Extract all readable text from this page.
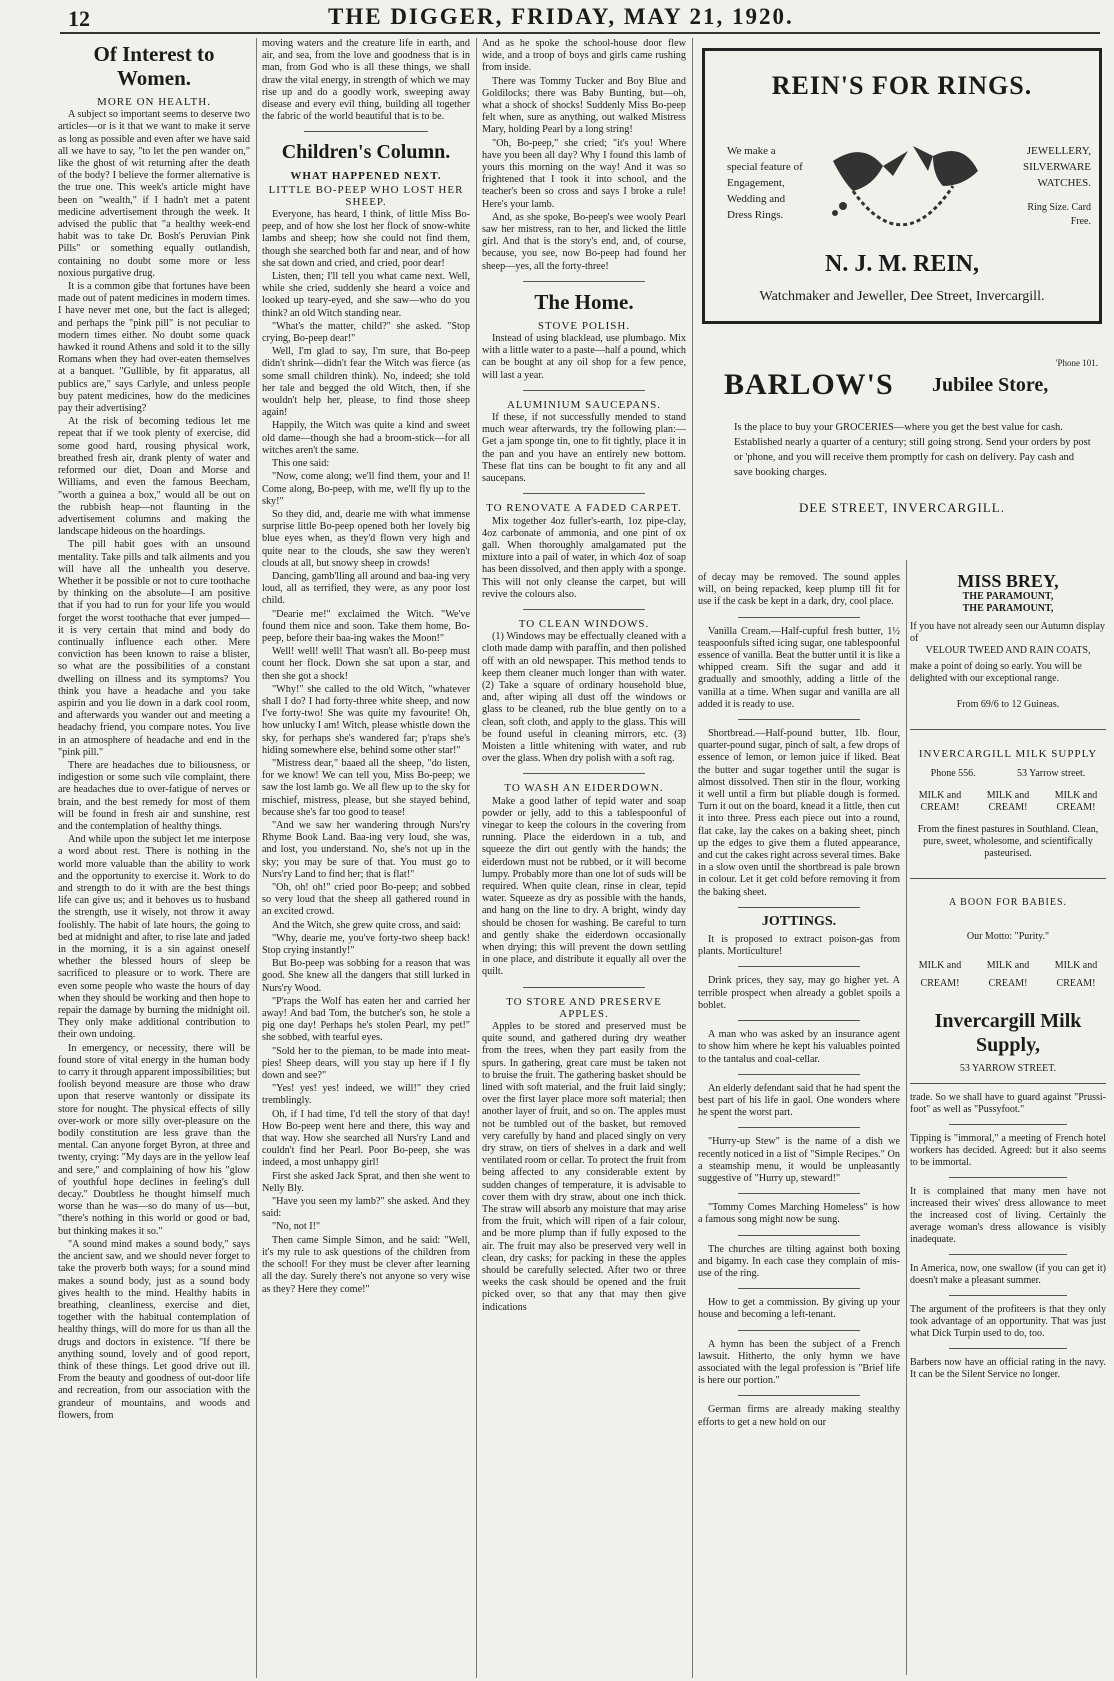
12	THE DIGGER, FRIDAY, MAY 21, 1920.
Of Interest to Women.

MORE ON HEALTH.

A subject so important seems to deserve two articles—or is it that we want to make it serve as long as possible and even after we have said all we have to say, "to let the pen wander on," like the ghost of wit returning after the death of the body? I believe the former alternative is the true one. This week's article might have been on "wealth," if I hadn't met a patent medicine advertisement through the week. It advised the public that "a healthy week-end habit was to take Dr. Bosh's Peruvian Pink Pills" or something equally outlandish, containing no doubt some more or less noxious purgative drug.

It is a common gibe that fortunes have been made out of patent medicines in modern times. I have never met one, but the fact is alleged; and perhaps the "pink pill" is not peculiar to modern times either. No doubt some quack hawked it round Athens and sold it to the silly Romans when they had over-eaten themselves at a banquet. "Gullible, by fit apparatus, all publics are," says Carlyle, and unless people buy patent medicines, how do the medicines pay their advertising?

At the risk of becoming tedious let me repeat that if we took plenty of exercise, did some good hard, rousing physical work, breathed fresh air, drank plenty of water and reformed our diet, Doan and Morse and Williams, and even the famous Beecham, "worth a guinea a box," would all be out on the rubbish heap—not flaunting in the advertisement columns and making the landscape hideous on the hoardings.

The pill habit goes with an unsound mentality. Take pills and talk ailments and you will have all the unhealth you deserve. Whether it be possible or not to cure toothache by thinking on the absolute—I am positive that if you had to run for your life you would forget the worst toothache that ever jumped—it is very certain that mind and body do continually influence each other. Mere conviction has been known to raise a blister, so what are the possibilities of a constant dwelling on illness and its symptoms? You think you have a headache and you take aspirin and you lie down in a dark cool room, and afterwards you wander out and meeting a headachy friend, you compare notes. You live in an atmosphere of headache and end in the "pink pill."

There are headaches due to biliousness, or indigestion or some such vile complaint, there are headaches due to over-fatigue of nerves or brain, and the best remedy for most of them will be found in fresh air and sunshine, rest and the contemplation of healthy things.

And while upon the subject let me interpose a word about rest. There is nothing in the world more valuable than the ability to work and the opportunity to exercise it. Work to do and strength to do it with are the best things life can give us; and it behoves us to husband the strength, use it wisely, not throw it away foolishly. The habit of late hours, the going to bed at midnight and after, to rise late and jaded in the morning, it is a sin against oneself whether the blessed hours of sleep be sacrificed to pleasure or to work. There are even some people who waste the hours of day when they should be working and then hope to repair the damage by burning the midnight oil. They only make additional contribution to their own undoing.

In emergency, or necessity, there will be found store of vital energy in the human body to carry it through apparent impossibilities; but foolish beyond measure are those who draw upon that reserve wantonly or dissipate its store for nought. The physical effects of silly over-work or more silly over-pleasure on the bodily constitution are less grave than the mental. Can anyone forget Byron, at three and twenty, crying: "My days are in the yellow leaf and sere," and complaining of how his "glow of youthful hope declines in feeling's dull decay." Doubtless he thought himself much worse than he was—so do many of us—but, "there's nothing in this world or good or bad, but thinking makes it so."

"A sound mind makes a sound body," says the ancient saw, and we should never forget to take the proverb both ways; for a sound mind makes a sound body, just as a sound body gives health to the mind. Healthy habits in breathing, cleanliness, exercise and diet, together with the habitual contemplation of healthy things, will do more for us than all the drugs and doctors in existence. "If there be anything sound, lovely and of good report, think of these things. Let good drive out ill. From the beauty and goodness of out-door life and recreation, from our association with the grandeur of mountains, and woods and flowers, from

moving waters and the creature life in earth, and air, and sea, from the love and goodness that is in man, from God who is all these things, we shall draw the vital energy, in strength of which we may rise up and do a goodly work, sweeping away disease and every evil thing, building all together the fabric of the world beautiful that is to be.

Children's Column.

WHAT HAPPENED NEXT.

LITTLE BO-PEEP WHO LOST HER SHEEP.

Everyone, has heard, I think, of little Miss Bo-peep, and of how she lost her flock of snow-white lambs and sheep; how she could not find them, though she searched both far and near, and of how she sat down and cried, and cried, poor dear!

Listen, then; I'll tell you what came next. Well, while she cried, suddenly she heard a voice and looked up teary-eyed, and she saw—who do you think? an old Witch standing near.

"What's the matter, child?" she asked. "Stop crying, Bo-peep dear!"

Well, I'm glad to say, I'm sure, that Bo-peep didn't shrink—didn't fear the Witch was fierce (as some small children think). No, indeed; she told her tale and begged the old Witch, then, if she wouldn't help her, please, to find those sheep again!

Happily, the Witch was quite a kind and sweet old dame—though she had a broom-stick—for all witches aren't the same.

This one said:

"Now, come along; we'll find them, your and I! Come along, Bo-peep, with me, we'll fly up to the sky!"

So they did, and, dearie me with what immense surprise little Bo-peep opened both her lovely big blue eyes when, as they'd flown very high and quite near to the clouds, she saw they weren't clouds at all, but snowy sheep in crowds!

Dancing, gamb'lling all around and baa-ing very loud, all as terrified, they were, as any poor lost child.

"Dearie me!" exclaimed the Witch. "We've found them nice and soon. Take them home, Bo-peep, before their baa-ing wakes the Moon!"

Well! well! well! That wasn't all. Bo-peep must count her flock. Down she sat upon a star, and then she got a shock!

"Why!" she called to the old Witch, "whatever shall I do? I had forty-three white sheep, and now I've forty-two! She was quite my favourite! Oh, how unlucky I am! Witch, please whistle down the sky, for perhaps she's wandered far; p'raps she's hiding somewhere else, behind some other star!"

"Mistress dear," baaed all the sheep, "do listen, for we know! We can tell you, Miss Bo-peep; we saw the lost lamb go. We all flew up to the sky for mischief, mistress, please, but she stayed behind, because she's far too good to tease!

"And we saw her wandering through Nurs'ry Rhyme Book Land. Baa-ing very loud, she was, and lost, you understand. No, she's not up in the sky; you may be sure of that. You must go to Nurs'ry Land to find her; that is flat!"

"Oh, oh! oh!" cried poor Bo-peep; and sobbed so very loud that the sheep all gathered round in an excited crowd.

And the Witch, she grew quite cross, and said:

"Why, dearie me, you've forty-two sheep back! Stop crying instantly!"

But Bo-peep was sobbing for a reason that was good. She knew all the dangers that still lurked in Nurs'ry Wood.

"P'raps the Wolf has eaten her and carried her away! And bad Tom, the butcher's son, he stole a pig one day! Perhaps he's stolen Pearl, my pet!" she sobbed, with tearful eyes.

"Sold her to the pieman, to be made into meat-pies! Sheep dears, will you stay up here if I fly down and see?"

"Yes! yes! yes! indeed, we will!" they cried tremblingly.

Oh, if I had time, I'd tell the story of that day! How Bo-peep went here and there, this way and that way. How she searched all Nurs'ry Land and couldn't find her Pearl. Poor Bo-peep, she was indeed, a most unhappy girl!

First she asked Jack Sprat, and then she went to Nelly Bly.

"Have you seen my lamb?" she asked. And they said:

"No, not I!"

Then came Simple Simon, and he said: "Well, it's my rule to ask questions of the children from the school! For they must be clever after learning all the day. Surely there's not anyone so very wise as they? Here they come!"

And as he spoke the school-house door flew wide, and a troop of boys and girls came rushing from inside.

There was Tommy Tucker and Boy Blue and Goldilocks; there was Baby Bunting, but—oh, what a shock of shocks! Suddenly Miss Bo-peep felt when, sure as anything, out walked Mistress Mary, holding Pearl by a long string!

"Oh, Bo-peep," she cried; "it's you! Where have you been all day? Why I found this lamb of yours this morning on the way! And it was so frightened that I took it into school, and the teacher's been so cross and says I broke a rule! Here's your lamb.

And, as she spoke, Bo-peep's wee wooly Pearl saw her mistress, ran to her, and licked the little girl. And that is the story's end, and, of course, because, you see, now Bo-peep had found her sheep—yes, all the forty-three!

The Home.

STOVE POLISH.

Instead of using blacklead, use plumbago. Mix with a little water to a paste—half a pound, which can be bought at any oil shop for a few pence, will last a year.

ALUMINIUM SAUCEPANS.

If these, if not successfully mended to stand much wear afterwards, try the following plan:—Get a jam sponge tin, one to fit tightly, place it in the pan and you have an entirely new bottom. These flat tins can be bought to fit any and all saucepans.

TO RENOVATE A FADED CARPET.

Mix together 4oz fuller's-earth, 1oz pipe-clay, 4oz carbonate of ammonia, and one pint of ox gall. When thoroughly amalgamated put the mixture into a pail of water, in which 4oz of soap has been dissolved, and then apply with a sponge. This will not only cleanse the carpet, but will revive the colours also.

TO CLEAN WINDOWS.

(1) Windows may be effectually cleaned with a cloth made damp with paraffin, and then polished off with an old newspaper. This method tends to keep them cleaner much longer than with water. (2) Take a square of ordinary household blue, and, after wiping all dust off the windows or glass to be cleaned, rub the blue gently on to a clean, soft cloth, and apply to the glass. This will be found useful in cleaning mirrors, etc. (3) Moisten a little whitening with water, and rub over the glass. When dry polish with a soft rag.

TO WASH AN EIDERDOWN.

Make a good lather of tepid water and soap powder or jelly, add to this a tablespoonful of vinegar to keep the colours in the covering from running. Place the eiderdown in a tub, and squeeze the dirt out gently with the hands; the eiderdown must not be rubbed, or it will become lumpy. Probably more than one lot of suds will be required. When quite clean, rinse in clear, tepid water. Squeeze as dry as possible with the hands, and hang on the line to dry. A bright, windy day should be chosen for washing. Be careful to turn and gently shake the eiderdown occasionally when drying; this will prevent the down settling in one place, and distribute it equally all over the quilt.

TO STORE AND PRESERVE APPLES.

Apples to be stored and preserved must be quite sound, and gathered during dry weather from the trees, when they part easily from the spurs. In gathering, great care must be taken not to bruise the fruit. The gathering basket should be lined with soft material, and the fruit laid singly; over the first layer place more soft material; then another layer of fruit, and so on. The apples must not be tumbled out of the basket, but removed very carefully by hand and placed singly on very dry straw, on tiers of shelves in a dark and well ventilated room or cellar. To protect the fruit from being affected to any considerable extent by sudden changes of temperature, it is advisable to cover them with dry straw, about one inch thick. The straw will absorb any moisture that may arise from the fruit, which will ripen of a fair colour, and be more plump than if fully exposed to the air. The fruit may also be preserved very well in clean, dry casks; for packing in these the apples should be carefully selected. After two or three weeks the cask should be opened and the fruit picked over, so that any that may then give indications

REIN'S FOR RINGS.
We make a special feature of Engagement, Wedding and Dress Rings.
JEWELLERY, SILVERWARE WATCHES.
Ring Size. Card Free.
N. J. M. REIN,
Watchmaker and Jeweller, Dee Street, Invercargill.
'Phone 101.
BARLOW'S Jubilee Store,
Is the place to buy your GROCERIES—where you get the best value for cash. Established nearly a quarter of a century; still going strong. Send your orders by post or 'phone, and you will receive them promptly for cash on delivery. Pay cash and save booking charges.
DEE STREET, INVERCARGILL.

of decay may be removed. The sound apples will, on being repacked, keep plump till fit for use if the cask be kept in a dark, dry, cool place.

Vanilla Cream.—Half-cupful fresh butter, 1½ teaspoonfuls sifted icing sugar, one tablespoonful essence of vanilla. Beat the butter until it is like a whipped cream. Sift the sugar and add it gradually and smoothly, adding a little of the vanilla at a time. When sugar and vanilla are all added it is ready to use.

Shortbread.—Half-pound butter, 1lb. flour, quarter-pound sugar, pinch of salt, a few drops of essence of lemon, or lemon juice if liked. Beat the butter and sugar together until the sugar is almost dissolved. Then stir in the flour, working it well until a firm but pliable dough is formed. Turn it out on the board, knead it a little, then cut it into three. Press each piece out into a round, flat cake, lay the cakes on a baking sheet, pinch up the edges to give them a fluted appearance, and cut the cakes right across several times. Bake in a slow oven until the shortbread is pale brown in colour. Let it get cold before removing it from the baking sheet.

JOTTINGS.

It is proposed to extract poison-gas from plants. Morticulture!

Drink prices, they say, may go higher yet. A terrible prospect when already a goblet spoils a boblet.

A man who was asked by an insurance agent to show him where he kept his valuables pointed to the tantalus and coal-cellar.

An elderly defendant said that he had spent the best part of his life in gaol. One wonders where he spent the worst part.

"Hurry-up Stew" is the name of a dish we recently noticed in a list of "Simple Recipes." On a steamship menu, it would be unpleasantly suggestive of "Hurry up, steward!"

"Tommy Comes Marching Homeless" is how a famous song might now be sung.

The churches are tilting against both boxing and bigamy. In each case they complain of mis-use of the ring.

How to get a commission. By giving up your house and becoming a left-tenant.

A hymn has been the subject of a French lawsuit. Hitherto, the only hymn we have associated with the legal profession is "Brief life is here our portion."

German firms are already making stealthy efforts to get a new hold on our

MISS BREY,
THE PARAMOUNT,
THE PARAMOUNT,
If you have not already seen our Autumn display of
VELOUR TWEED AND RAIN COATS,
make a point of doing so early. You will be delighted with our exceptional range.
From 69/6 to 12 Guineas.
INVERCARGILL MILK SUPPLY
Phone 556.	53 Yarrow street.
MILK and CREAM!
MILK and CREAM!
MILK and CREAM!
From the finest pastures in Southland. Clean, pure, sweet, wholesome, and scientifically pasteurised.
A BOON FOR BABIES.
Our Motto: "Purity."
MILK and CREAM!
MILK and CREAM!
MILK and CREAM!
Invercargill Milk Supply,
53 YARROW STREET.

trade. So we shall have to guard against "Prussi-foot" as well as "Pussyfoot."

Tipping is "immoral," a meeting of French hotel workers has decided. Agreed: but it also seems to be immortal.

It is complained that many men have not increased their wives' dress allowance to meet the increased cost of living. Certainly the average woman's dress allowance is visibly inadequate.

In America, now, one swallow (if you can get it) doesn't make a pleasant summer.

The argument of the profiteers is that they only took advantage of an opportunity. That was just what Dick Turpin used to do, too.

Barbers now have an official rating in the navy. It can be the Silent Service no longer.
